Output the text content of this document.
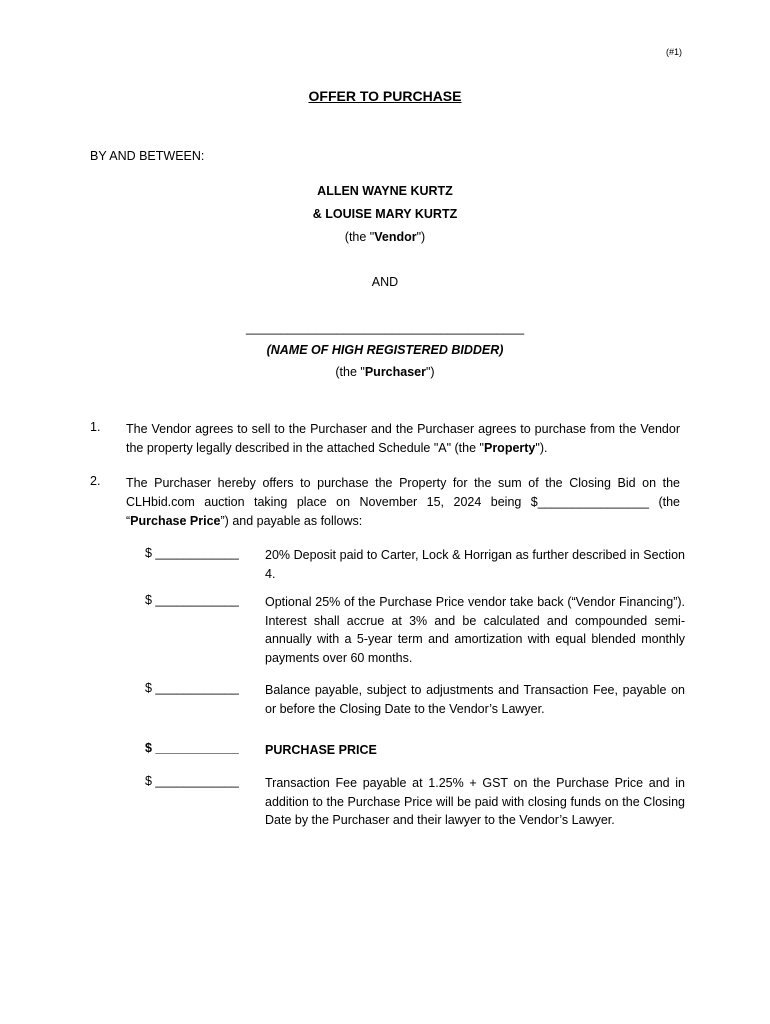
(#1)
OFFER TO PURCHASE
BY AND BETWEEN:
ALLEN WAYNE KURTZ
& LOUISE MARY KURTZ
(the "Vendor")
AND
________________________________________
(NAME OF HIGH REGISTERED BIDDER)
(the "Purchaser")
1. The Vendor agrees to sell to the Purchaser and the Purchaser agrees to purchase from the Vendor the property legally described in the attached Schedule "A" (the "Property").
2. The Purchaser hereby offers to purchase the Property for the sum of the Closing Bid on the CLHbid.com auction taking place on November 15, 2024 being $________________ (the “Purchase Price”) and payable as follows:
$ ____________ 20% Deposit paid to Carter, Lock & Horrigan as further described in Section 4.
$ ____________ Optional 25% of the Purchase Price vendor take back (“Vendor Financing”). Interest shall accrue at 3% and be calculated and compounded semi-annually with a 5-year term and amortization with equal blended monthly payments over 60 months.
$ ____________ Balance payable, subject to adjustments and Transaction Fee, payable on or before the Closing Date to the Vendor’s Lawyer.
$ ____________ PURCHASE PRICE
$ ____________ Transaction Fee payable at 1.25% + GST on the Purchase Price and in addition to the Purchase Price will be paid with closing funds on the Closing Date by the Purchaser and their lawyer to the Vendor’s Lawyer.
